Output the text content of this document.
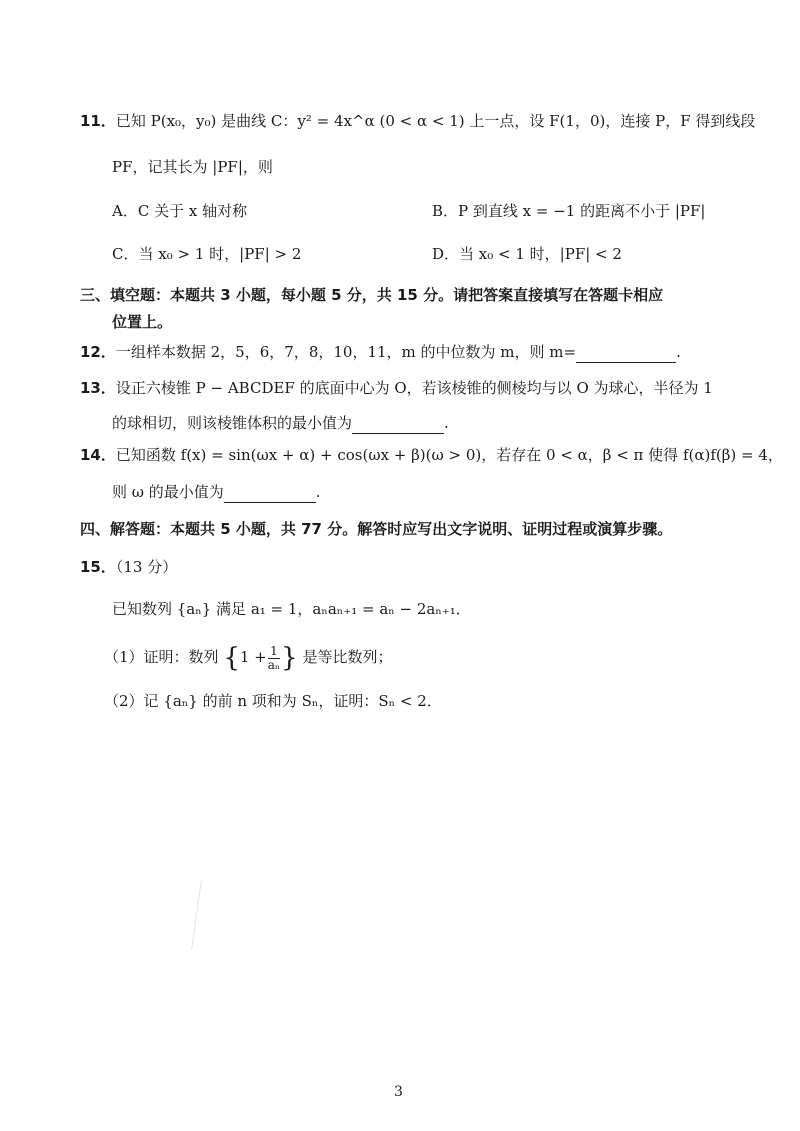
11．已知 P(x₀，y₀) 是曲线 C：y² = 4x^α (0 < α < 1) 上一点，设 F(1，0)，连接 P，F 得到线段
PF，记其长为 |PF|，则
A．C 关于 x 轴对称	B．P 到直线 x = −1 的距离不小于 |PF|
C．当 x₀ > 1 时，|PF| > 2	D．当 x₀ < 1 时，|PF| < 2
三、填空题：本题共 3 小题，每小题 5 分，共 15 分。请把答案直接填写在答题卡相应
位置上。
12．一组样本数据 2，5，6，7，8，10，11，m 的中位数为 m，则 m=	.
13．设正六棱锥 P − ABCDEF 的底面中心为 O，若该棱锥的侧棱均与以 O 为球心，半径为 1
的球相切，则该棱锥体积的最小值为	.
14．已知函数 f(x) = sin(ωx + α) + cos(ωx + β)(ω > 0)，若存在 0 < α，β < π 使得 f(α)f(β) = 4，
则 ω 的最小值为	.
四、解答题：本题共 5 小题，共 77 分。解答时应写出文字说明、证明过程或演算步骤。
15．（13 分）
已知数列 {aₙ} 满足 a₁ = 1，aₙaₙ₊₁ = aₙ − 2aₙ₊₁．
（1）证明：数列 {$1 + \frac{1}{\text{aₙ}}$ } 是等比数列；
（2）记 {aₙ} 的前 n 项和为 Sₙ，证明：Sₙ < 2．
3
